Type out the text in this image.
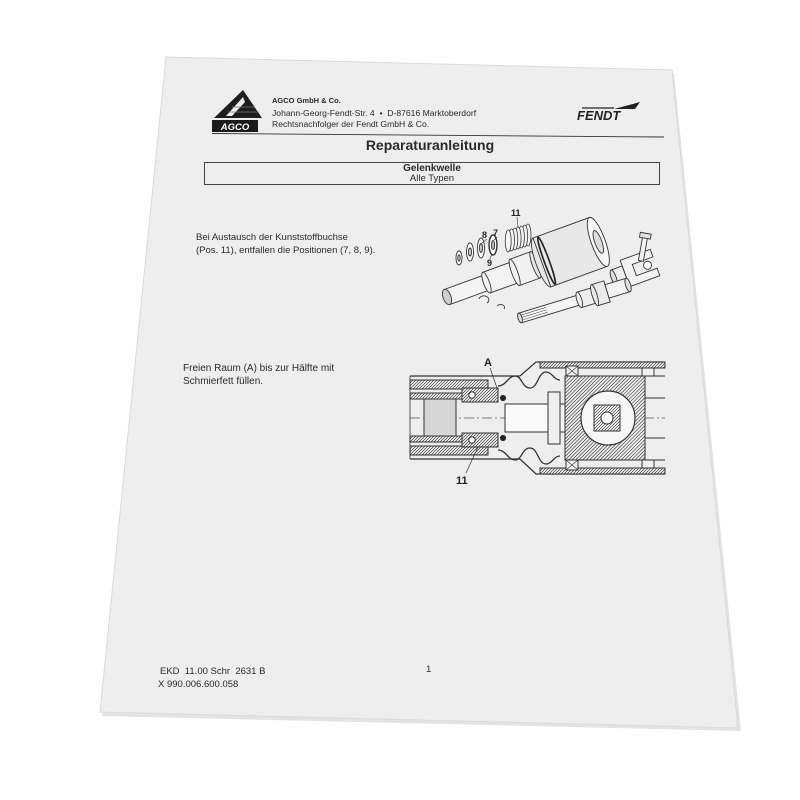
AGCO
AGCO GmbH & Co.
Johann-Georg-Fendt-Str. 4  •  D-87616 Marktoberdorf
Rechtsnachfolger der Fendt GmbH & Co.
FENDT
Reparaturanleitung
Gelenkwelle
Alle Typen
Bei Austausch der Kunststoffbuchse
(Pos. 11), entfallen die Positionen (7, 8, 9).
11
8 7
9
Freien Raum (A) bis zur Hälfte mit
Schmierfett füllen.
A
11
EKD  11.00 Schr  2631 B	1
X 990.006.600.058
